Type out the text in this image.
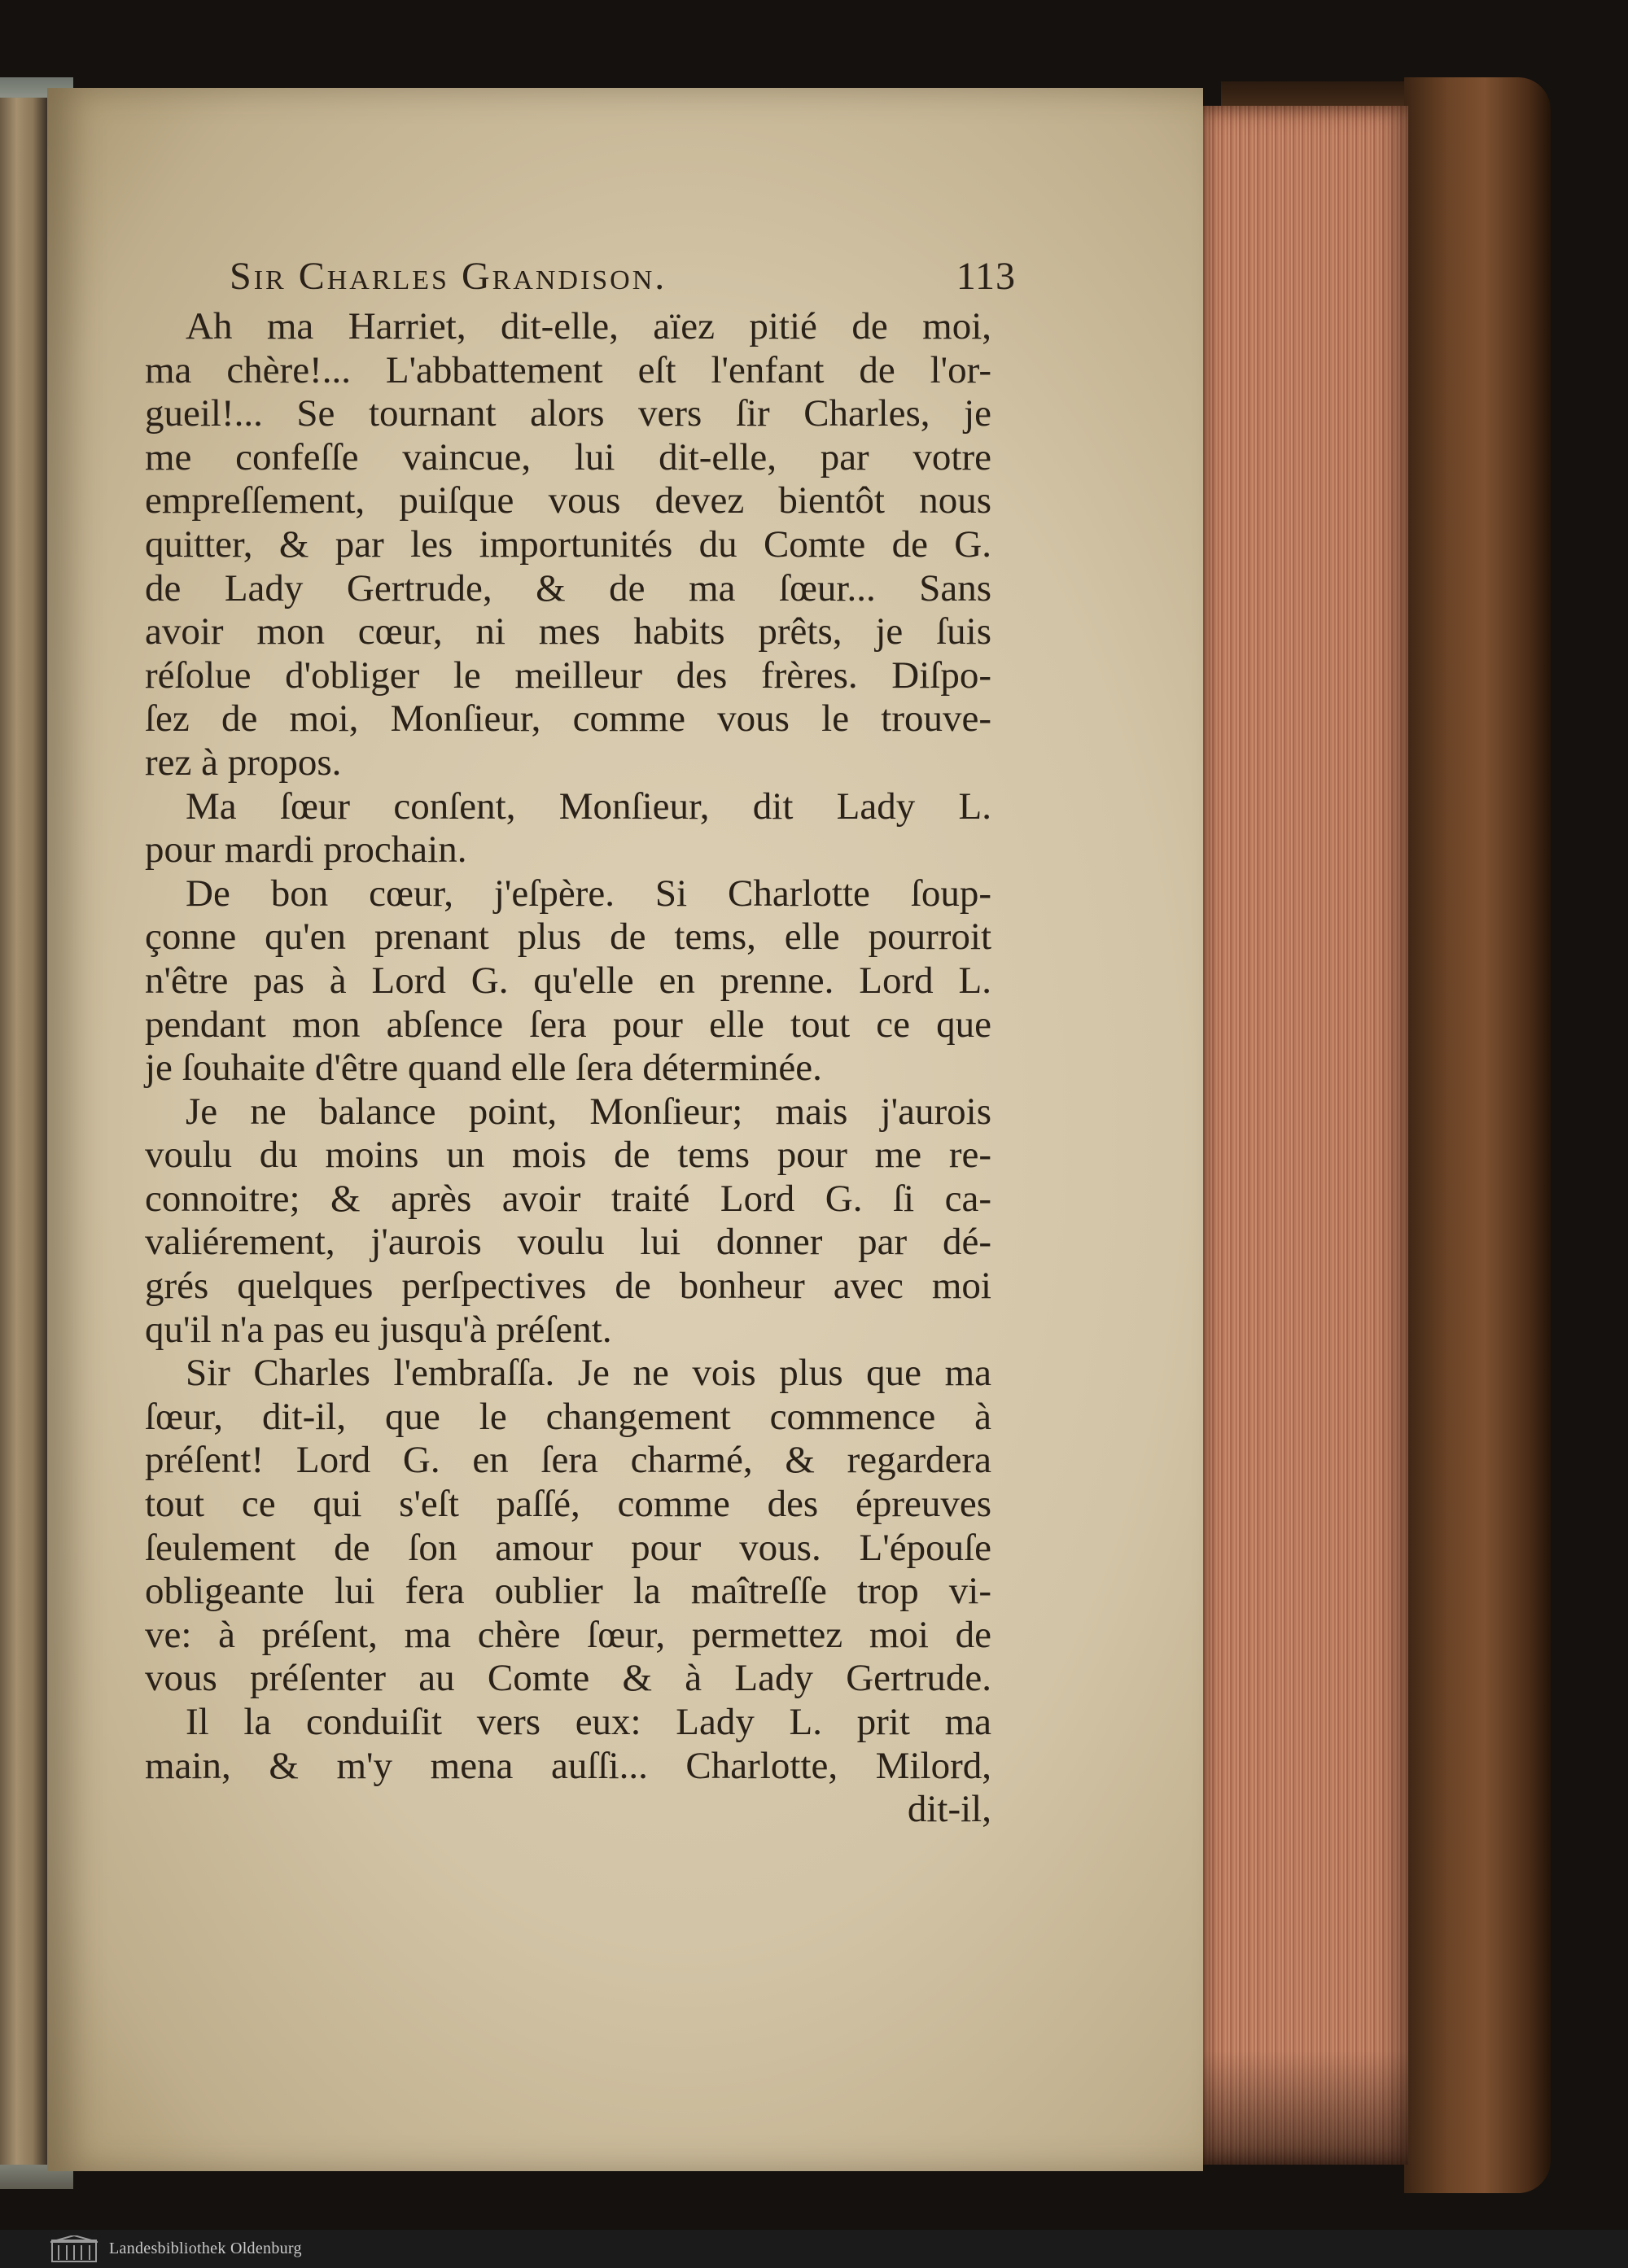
Sir Charles Grandison.	113
Ah ma Harriet, dit-elle, aïez pitié de moi,
ma chère!... L'abbattement eſt l'enfant de l'or-
gueil!... Se tournant alors vers ſir Charles, je
me confeſſe vaincue, lui dit-elle, par votre
empreſſement, puiſque vous devez bientôt nous
quitter, & par les importunités du Comte de G.
de Lady Gertrude, & de ma ſœur... Sans
avoir mon cœur, ni mes habits prêts, je ſuis
réſolue d'obliger le meilleur des frères. Diſpo-
ſez de moi, Monſieur, comme vous le trouve-
rez à propos.
Ma ſœur conſent, Monſieur, dit Lady L.
pour mardi prochain.
De bon cœur, j'eſpère. Si Charlotte ſoup-
çonne qu'en prenant plus de tems, elle pourroit
n'être pas à Lord G. qu'elle en prenne. Lord L.
pendant mon abſence ſera pour elle tout ce que
je ſouhaite d'être quand elle ſera déterminée.
Je ne balance point, Monſieur; mais j'aurois
voulu du moins un mois de tems pour me re-
connoitre; & après avoir traité Lord G. ſi ca-
valiérement, j'aurois voulu lui donner par dé-
grés quelques perſpectives de bonheur avec moi
qu'il n'a pas eu jusqu'à préſent.
Sir Charles l'embraſſa. Je ne vois plus que ma
ſœur, dit-il, que le changement commence à
préſent! Lord G. en ſera charmé, & regardera
tout ce qui s'eſt paſſé, comme des épreuves
ſeulement de ſon amour pour vous. L'épouſe
obligeante lui fera oublier la maîtreſſe trop vi-
ve: à préſent, ma chère ſœur, permettez moi de
vous préſenter au Comte & à Lady Gertrude.
Il la conduiſit vers eux: Lady L. prit ma
main, & m'y mena auſſi... Charlotte, Milord,
dit-il,
Landesbibliothek Oldenburg
